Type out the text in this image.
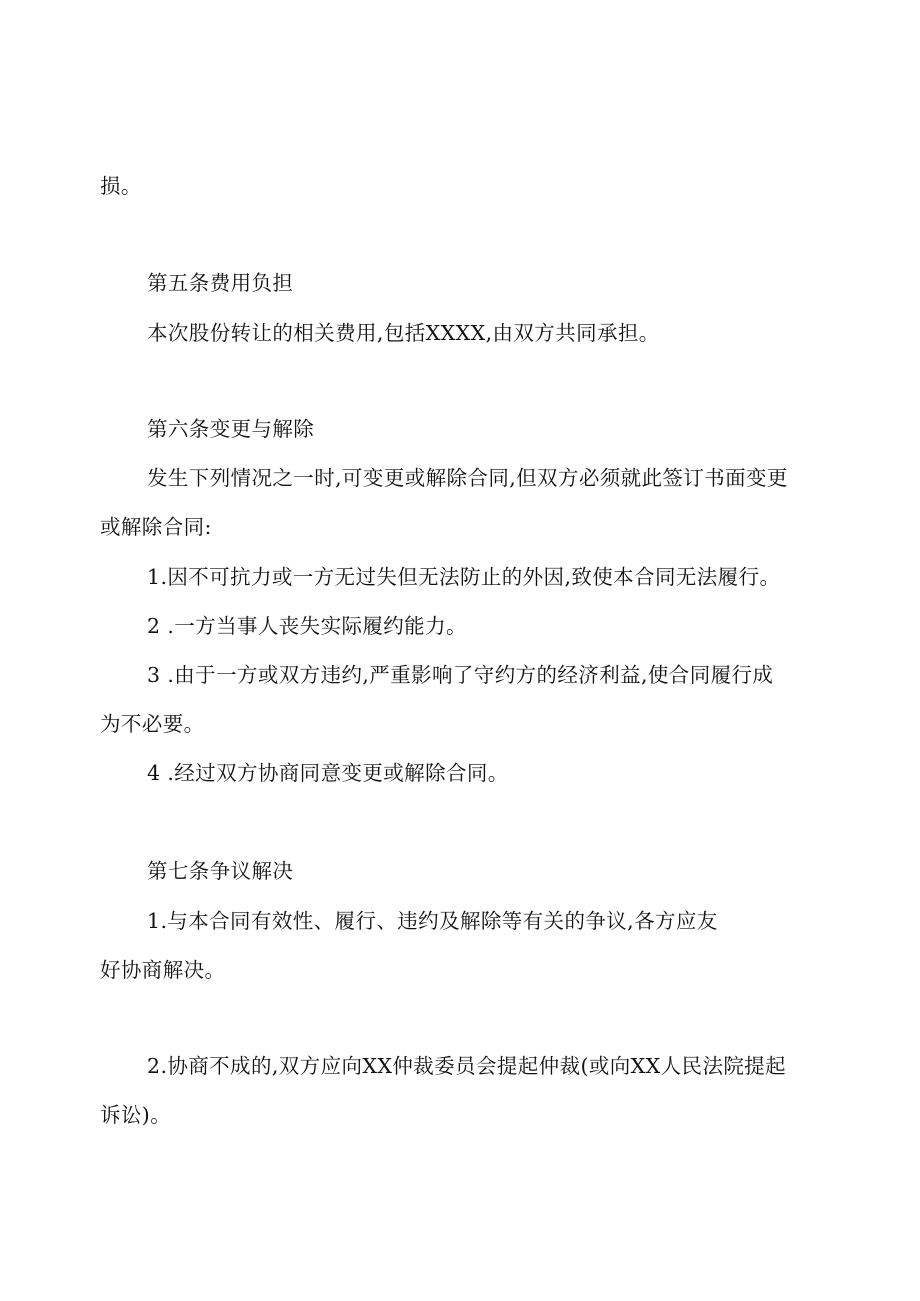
损。
第五条费用负担
本次股份转让的相关费用,包括XXXX,由双方共同承担。
第六条变更与解除
发生下列情况之一时,可变更或解除合同,但双方必须就此签订书面变更
或解除合同:
1.因不可抗力或一方无过失但无法防止的外因,致使本合同无法履行。
2 .一方当事人丧失实际履约能力。
3 .由于一方或双方违约,严重影响了守约方的经济利益,使合同履行成
为不必要。
4 .经过双方协商同意变更或解除合同。
第七条争议解决
1.与本合同有效性、履行、违约及解除等有关的争议,各方应友
好协商解决。
2.协商不成的,双方应向XX仲裁委员会提起仲裁(或向XX人民法院提起
诉讼)。
